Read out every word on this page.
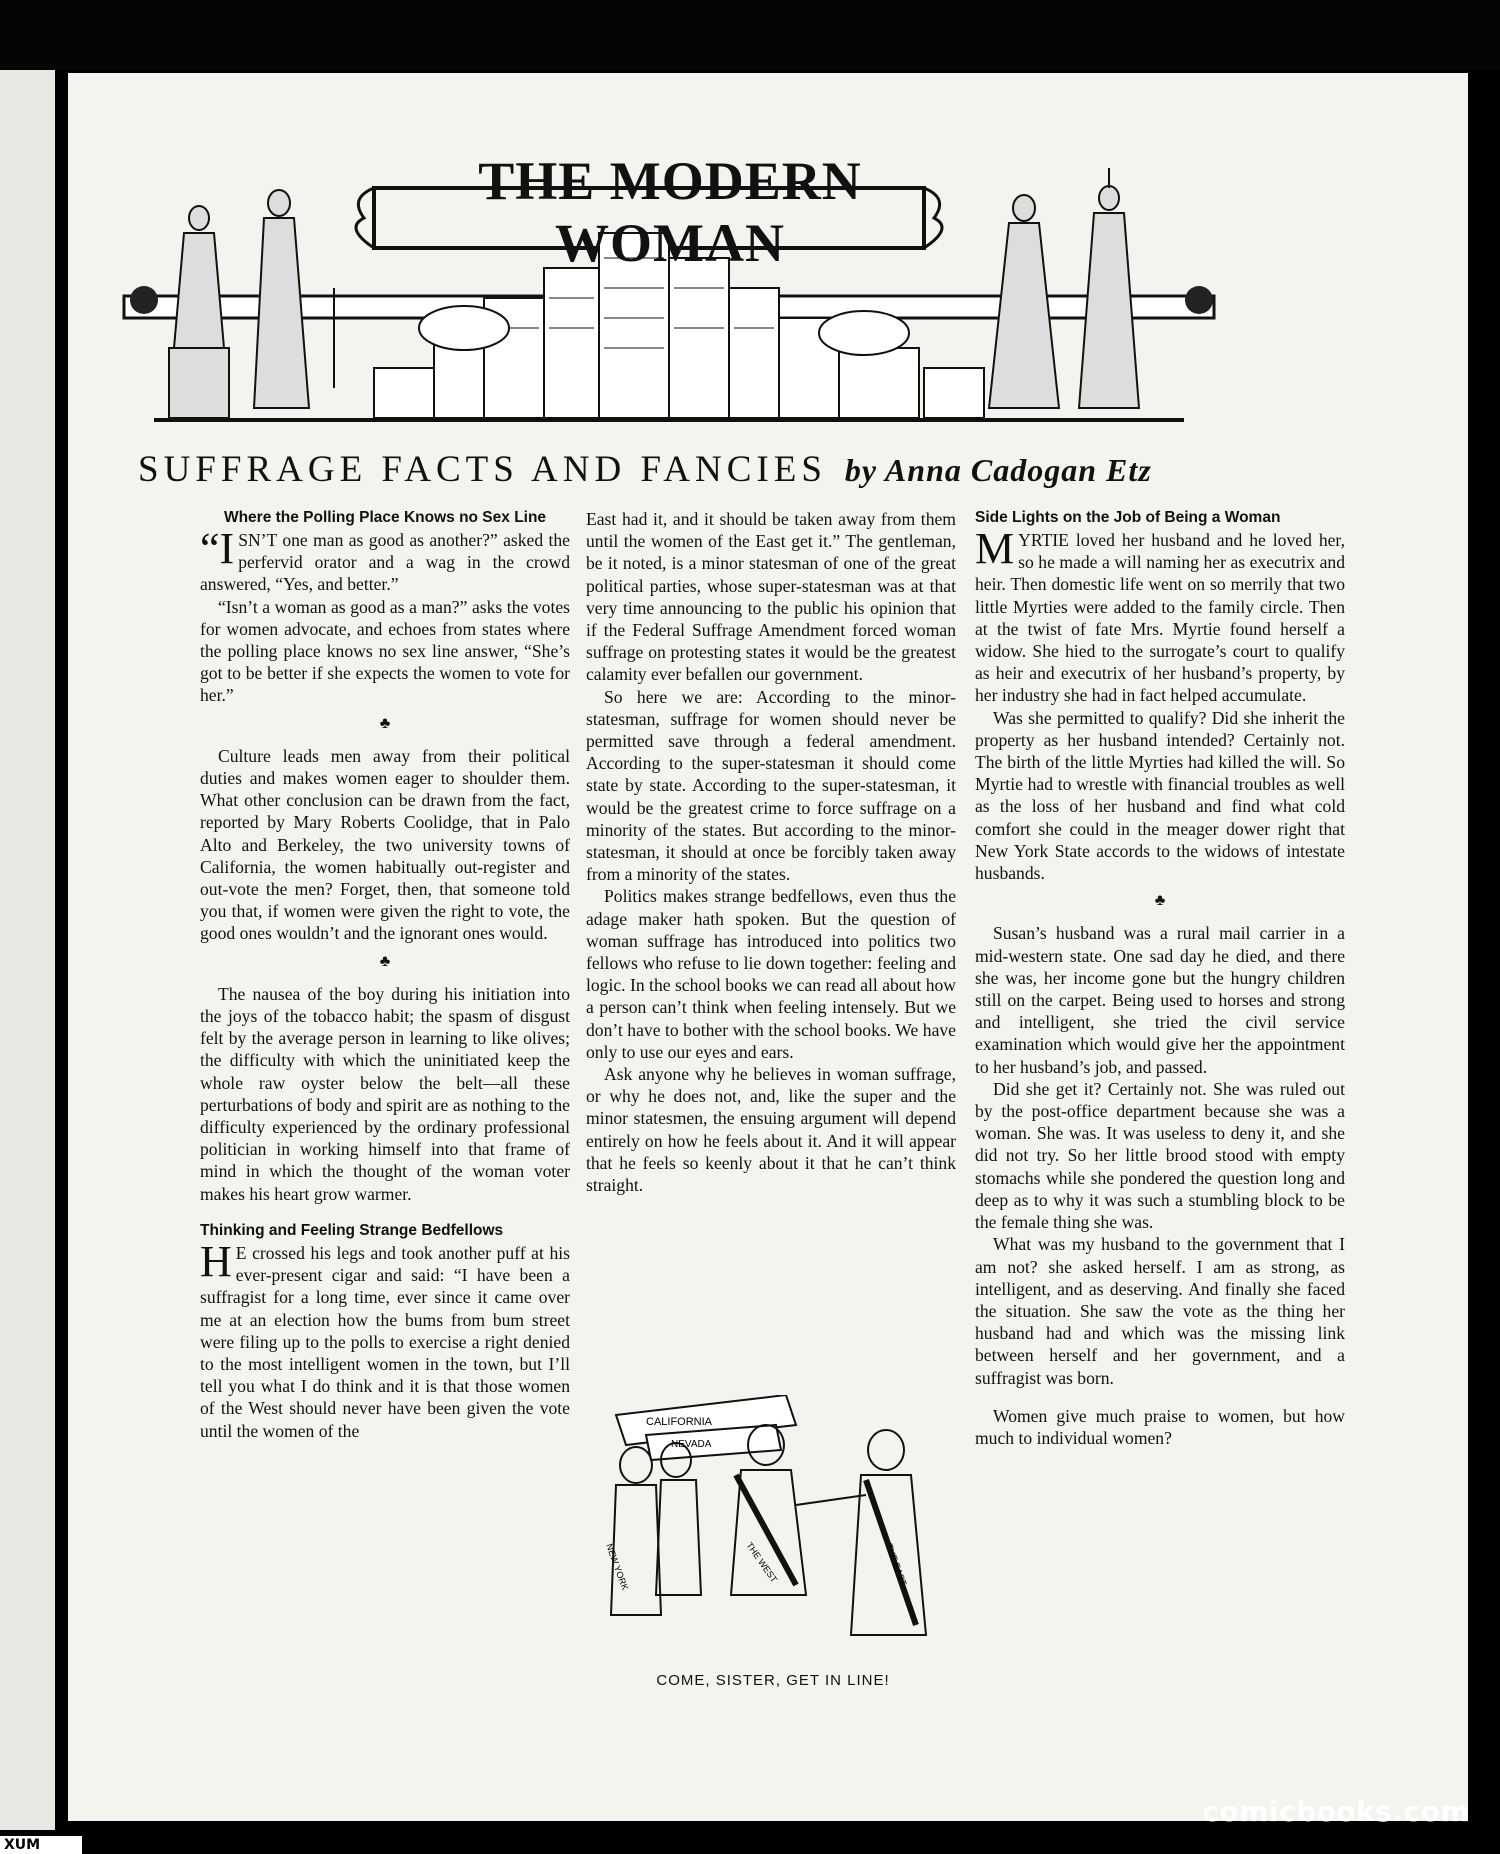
THE MODERN WOMAN
SUFFRAGE FACTS AND FANCIES by Anna Cadogan Etz
Where the Polling Place Knows no Sex Line

“ISN’T one man as good as another?” asked the perfervid orator and a wag in the crowd answered, “Yes, and better.”

“Isn’t a woman as good as a man?” asks the votes for women advocate, and echoes from states where the polling place knows no sex line answer, “She’s got to be better if she expects the women to vote for her.”

♣

Culture leads men away from their political duties and makes women eager to shoulder them. What other conclusion can be drawn from the fact, reported by Mary Roberts Coolidge, that in Palo Alto and Berkeley, the two university towns of California, the women habitually out-register and out-vote the men? Forget, then, that someone told you that, if women were given the right to vote, the good ones wouldn’t and the ignorant ones would.

♣

The nausea of the boy during his initiation into the joys of the tobacco habit; the spasm of disgust felt by the average person in learning to like olives; the difficulty with which the uninitiated keep the whole raw oyster below the belt—all these perturbations of body and spirit are as nothing to the difficulty experienced by the ordinary professional politician in working himself into that frame of mind in which the thought of the woman voter makes his heart grow warmer.

Thinking and Feeling Strange Bedfellows

H E crossed his legs and took another puff at his ever-present cigar and said: “I have been a suffragist for a long time, ever since it came over me at an election how the bums from bum street were filing up to the polls to exercise a right denied to the most intelligent women in the town, but I’ll tell you what I do think and it is that those women of the West should never have been given the vote until the women of the

East had it, and it should be taken away from them until the women of the East get it.” The gentleman, be it noted, is a minor statesman of one of the great political parties, whose super-statesman was at that very time announcing to the public his opinion that if the Federal Suffrage Amendment forced woman suffrage on protesting states it would be the greatest calamity ever befallen our government.

So here we are: According to the minor-statesman, suffrage for women should never be permitted save through a federal amendment. According to the super-statesman it should come state by state. According to the super-statesman, it would be the greatest crime to force suffrage on a minority of the states. But according to the minor-statesman, it should at once be forcibly taken away from a minority of the states.

Politics makes strange bedfellows, even thus the adage maker hath spoken. But the question of woman suffrage has introduced into politics two fellows who refuse to lie down together: feeling and logic. In the school books we can read all about how a person can’t think when feeling intensely. But we don’t have to bother with the school books. We have only to use our eyes and ears.

Ask anyone why he believes in woman suffrage, or why he does not, and, like the super and the minor statesmen, the ensuing argument will depend entirely on how he feels about it. And it will appear that he feels so keenly about it that he can’t think straight.

CALIFORNIA
NEVADA
THE WEST	THE EAST
NEW YORK
COME, SISTER, GET IN LINE!
Side Lights on the Job of Being a Woman

MYRTIE loved her husband and he loved her, so he made a will naming her as executrix and heir. Then domestic life went on so merrily that two little Myrties were added to the family circle. Then at the twist of fate Mrs. Myrtie found herself a widow. She hied to the surrogate’s court to qualify as heir and executrix of her husband’s property, by her industry she had in fact helped accumulate.

Was she permitted to qualify? Did she inherit the property as her husband intended? Certainly not. The birth of the little Myrties had killed the will. So Myrtie had to wrestle with financial troubles as well as the loss of her husband and find what cold comfort she could in the meager dower right that New York State accords to the widows of intestate husbands.

♣

Susan’s husband was a rural mail carrier in a mid-western state. One sad day he died, and there she was, her income gone but the hungry children still on the carpet. Being used to horses and strong and intelligent, she tried the civil service examination which would give her the appointment to her husband’s job, and passed.

Did she get it? Certainly not. She was ruled out by the post-office department because she was a woman. She was. It was useless to deny it, and she did not try. So her little brood stood with empty stomachs while she pondered the question long and deep as to why it was such a stumbling block to be the female thing she was.

What was my husband to the government that I am not? she asked herself. I am as strong, as intelligent, and as deserving. And finally she faced the situation. She saw the vote as the thing her husband had and which was the missing link between herself and her government, and a suffragist was born.

Women give much praise to women, but how much to individual women?

comicbooks.com
XUM
